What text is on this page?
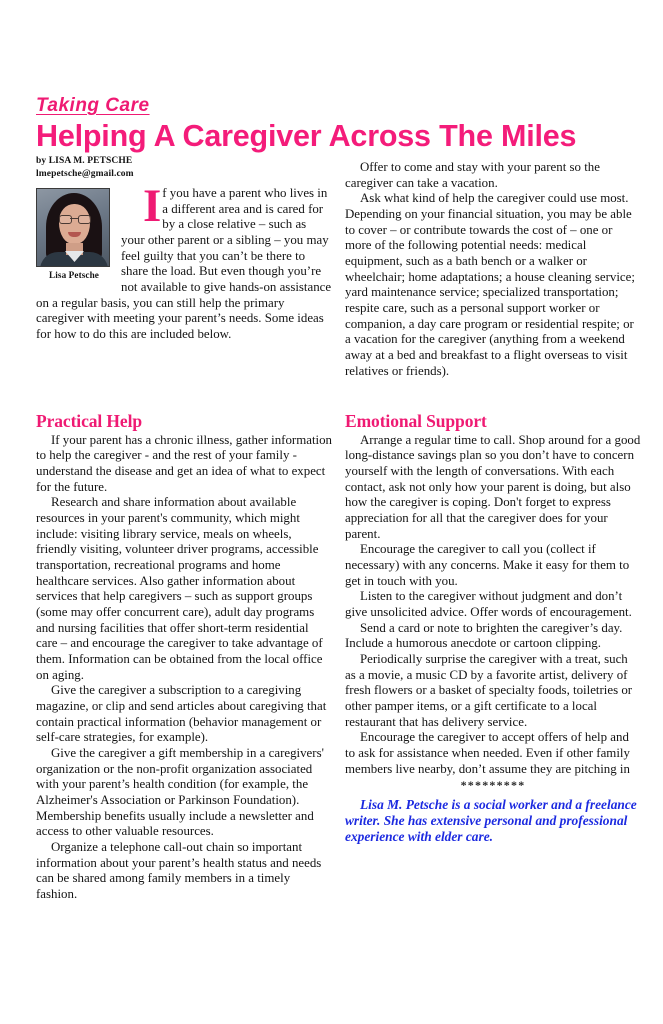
Taking Care
Helping A Caregiver Across The Miles
by LISA M. PETSCHE
lmepetsche@gmail.com
Lisa Petsche

If you have a parent who lives in a different area and is cared for by a close relative – such as your other parent or a sibling – you may feel guilty that you can’t be there to share the load. But even though you’re not available to give hands-on assistance on a regular basis, you can still help the primary caregiver with meeting your parent’s needs. Some ideas for how to do this are included below.

Offer to come and stay with your parent so the caregiver can take a vacation.

Ask what kind of help the caregiver could use most. Depending on your financial situation, you may be able to cover – or contribute towards the cost of – one or more of the following potential needs: medical equipment, such as a bath bench or a walker or wheelchair; home adaptations; a house cleaning service; yard maintenance service; specialized transportation; respite care, such as a personal support worker or companion, a day care program or residential respite; or a vacation for the caregiver (anything from a weekend away at a bed and breakfast to a flight overseas to visit relatives or friends).

Practical Help

If your parent has a chronic illness, gather information to help the caregiver - and the rest of your family - understand the disease and get an idea of what to expect for the future.

Research and share information about available resources in your parent's community, which might include: visiting library service, meals on wheels, friendly visiting, volunteer driver programs, accessible transportation, recreational programs and home healthcare services. Also gather information about services that help caregivers – such as support groups (some may offer concurrent care), adult day programs and nursing facilities that offer short-term residential care – and encourage the caregiver to take advantage of them. Information can be obtained from the local office on aging.

Give the caregiver a subscription to a caregiving magazine, or clip and send articles about caregiving that contain practical information (behavior management or self-care strategies, for example).

Give the caregiver a gift membership in a caregivers' organization or the non-profit organization associated with your parent’s health condition (for example, the Alzheimer's Association or Parkinson Foundation). Membership benefits usually include a newsletter and access to other valuable resources.

Organize a telephone call-out chain so important information about your parent’s health status and needs can be shared among family members in a timely fashion.

Emotional Support

Arrange a regular time to call. Shop around for a good long-distance savings plan so you don’t have to concern yourself with the length of conversations. With each contact, ask not only how your parent is doing, but also how the caregiver is coping. Don't forget to express appreciation for all that the caregiver does for your parent.

Encourage the caregiver to call you (collect if necessary) with any concerns. Make it easy for them to get in touch with you.

Listen to the caregiver without judgment and don’t give unsolicited advice. Offer words of encouragement.

Send a card or note to brighten the caregiver’s day. Include a humorous anecdote or cartoon clipping.

Periodically surprise the caregiver with a treat, such as a movie, a music CD by a favorite artist, delivery of fresh flowers or a basket of specialty foods, toiletries or other pamper items, or a gift certificate to a local restaurant that has delivery service.

Encourage the caregiver to accept offers of help and to ask for assistance when needed. Even if other family members live nearby, don’t assume they are pitching in

*********

Lisa M. Petsche is a social worker and a freelance writer. She has extensive personal and professional experience with elder care.
